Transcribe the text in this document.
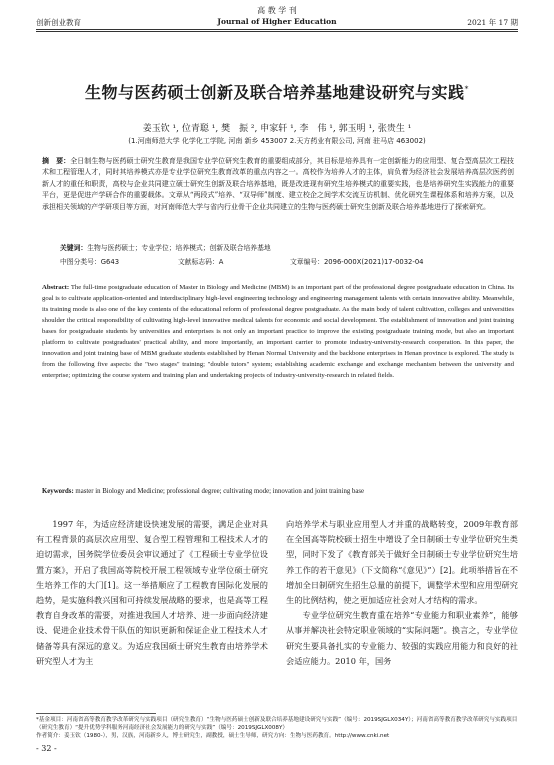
高 教 学 刊
创新创业教育	Journal of Higher Education	2021 年 17 期
生物与医药硕士创新及联合培养基地建设研究与实践*
姜玉钦 ¹, 位青聪 ¹, 樊　振 ², 申家轩 ¹, 李　伟 ¹, 郭玉明 ¹, 张贵生 ¹
(1.河南师范大学 化学化工学院, 河南 新乡 453007 2.天方药业有限公司, 河南 驻马店 463002)
摘　要：全日制生物与医药硕士研究生教育是我国专业学位研究生教育的重要组成部分，其目标是培养具有一定创新能力的应用型、复合型高层次工程技术和工程管理人才，同时其培养模式亦是专业学位研究生教育改革的重点内容之一。高校作为培养人才的主体，肩负着为经济社会发展培养高层次医药创新人才的重任和职责，高校与企业共同建立硕士研究生创新及联合培养基地，既是改进现有研究生培养模式的重要实践，也是培养研究生实践能力的重要平台，更是促进产学研合作的重要载体。文章从“两段式”培养、“双导师”制度、建立校企之间学术交流互访机制、优化研究生课程体系和培养方案，以及承担相关领域的产学研项目等方面，对河南师范大学与省内行业骨干企业共同建立的生物与医药硕士研究生创新及联合培养基地进行了探索研究。
关键词：生物与医药硕士；专业学位；培养模式；创新及联合培养基地
中图分类号：G643	文献标志码：A	文章编号：2096-000X(2021)17-0032-04
Abstract: The full-time postgraduate education of Master in Biology and Medicine (MBM) is an important part of the professional degree postgraduate education in China. Its goal is to cultivate application-oriented and interdisciplinary high-level engineering technology and engineering management talents with certain innovative ability. Meanwhile, its training mode is also one of the key contents of the educational reform of professional degree postgraduate. As the main body of talent cultivation, colleges and universities shoulder the critical responsibility of cultivating high-level innovative medical talents for economic and social development. The establishment of innovation and joint training bases for postgraduate students by universities and enterprises is not only an important practice to improve the existing postgraduate training mode, but also an important platform to cultivate postgraduates' practical ability, and more importantly, an important carrier to promote industry-university-research cooperation. In this paper, the innovation and joint training base of MBM graduate students established by Henan Normal University and the backbone enterprises in Henan province is explored. The study is from the following five aspects: the "two stages" training; "double tutors" system; establishing academic exchange and exchange mechanism between the university and enterprise; optimizing the course system and training plan and undertaking projects of industry-university-research in related fields.
Keywords: master in Biology and Medicine; professional degree; cultivating mode; innovation and joint training base
1997 年，为适应经济建设快速发展的需要，满足企业对具有工程背景的高层次应用型、复合型工程管理和工程技术人才的迫切需求，国务院学位委员会审议通过了《工程硕士专业学位设置方案》，开启了我国高等院校开展工程领域专业学位硕士研究生培养工作的大门[1]。这一举措顺应了工程教育国际化发展的趋势，是实施科教兴国和可持续发展战略的要求，也是高等工程教育自身改革的需要，对推进我国人才培养、进一步面向经济建设、促进企业技术骨干队伍的知识更新和保证企业工程技术人才储备等具有深远的意义。为适应我国硕士研究生教育由培养学术研究型人才为主
向培养学术与职业应用型人才并重的战略转变，2009年教育部在全国高等院校硕士招生中增设了全日制硕士专业学位研究生类型，同时下发了《教育部关于做好全日制硕士专业学位研究生培养工作的若干意见》（下文简称“《意见》”）[2]。此项举措旨在不增加全日制研究生招生总量的前提下，调整学术型和应用型研究生的比例结构，使之更加适应社会对人才结构的需求。
　　专业学位研究生教育重在培养“专业能力和职业素养”，能够从事并解决社会特定职业领域的“实际问题”。换言之，专业学位研究生要具备扎实的专业能力、较强的实践应用能力和良好的社会适应能力。2010 年，国务
*基金项目：河南省高等教育教学改革研究与实践项目（研究生教育）“生物与医药硕士创新及联合培养基地建设研究与实践”（编号：2019SJGLX034Y）；河南省高等教育教学改革研究与实践项目（研究生教育）“提升优势学科服务河南经济社会发展能力的研究与实践”（编号：2019SJGLX008Y）
作者简介：姜玉钦（1980-），男，汉族，河南新乡人，博士研究生，副教授，硕士生导师，研究方向：生物与医药教育。http://www.cnki.net
- 32 -
